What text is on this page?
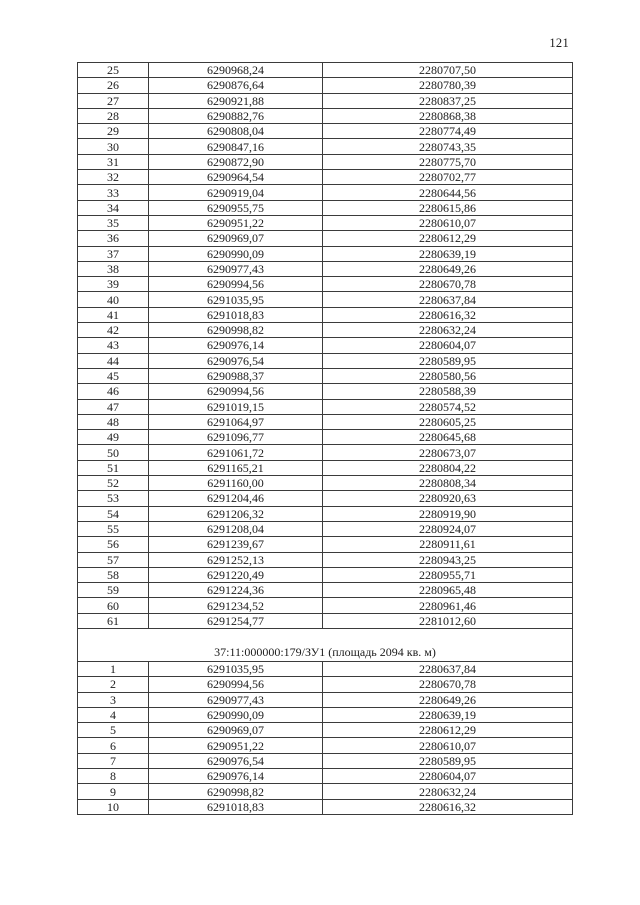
121
25	6290968,24	2280707,50
26	6290876,64	2280780,39
27	6290921,88	2280837,25
28	6290882,76	2280868,38
29	6290808,04	2280774,49
30	6290847,16	2280743,35
31	6290872,90	2280775,70
32	6290964,54	2280702,77
33	6290919,04	2280644,56
34	6290955,75	2280615,86
35	6290951,22	2280610,07
36	6290969,07	2280612,29
37	6290990,09	2280639,19
38	6290977,43	2280649,26
39	6290994,56	2280670,78
40	6291035,95	2280637,84
41	6291018,83	2280616,32
42	6290998,82	2280632,24
43	6290976,14	2280604,07
44	6290976,54	2280589,95
45	6290988,37	2280580,56
46	6290994,56	2280588,39
47	6291019,15	2280574,52
48	6291064,97	2280605,25
49	6291096,77	2280645,68
50	6291061,72	2280673,07
51	6291165,21	2280804,22
52	6291160,00	2280808,34
53	6291204,46	2280920,63
54	6291206,32	2280919,90
55	6291208,04	2280924,07
56	6291239,67	2280911,61
57	6291252,13	2280943,25
58	6291220,49	2280955,71
59	6291224,36	2280965,48
60	6291234,52	2280961,46
61	6291254,77	2281012,60
37:11:000000:179/ЗУ1 (площадь 2094 кв. м)		
1	6291035,95	2280637,84
2	6290994,56	2280670,78
3	6290977,43	2280649,26
4	6290990,09	2280639,19
5	6290969,07	2280612,29
6	6290951,22	2280610,07
7	6290976,54	2280589,95
8	6290976,14	2280604,07
9	6290998,82	2280632,24
10	6291018,83	2280616,32
